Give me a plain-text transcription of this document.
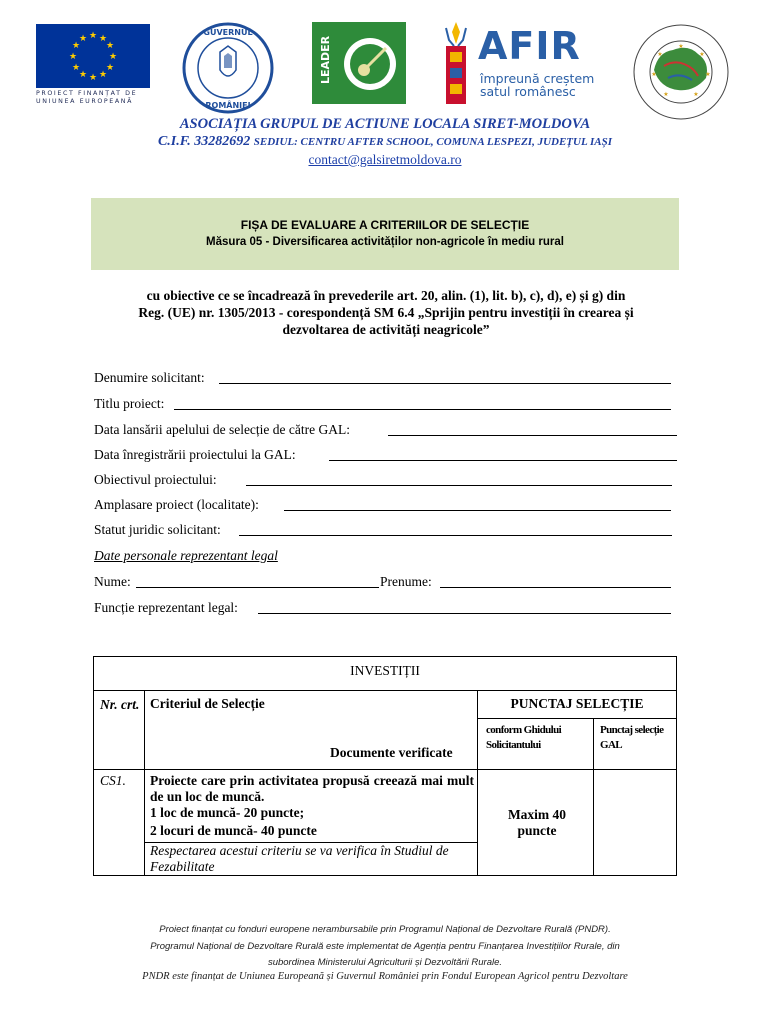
★ ★
★
★
★
★
★
★
★
★
★
★
PROIECT FINANȚAT DE
UNIUNEA EUROPEANĂ
GUVERNUL
ROMÂNIEI
LEADER	AFIR
împreună creștem
satul românesc
★
★
★
★
★
★
★
ASOCIAȚIA GRUPUL DE ACTIUNE LOCALA SIRET-MOLDOVA
C.I.F. 33282692 SEDIUL: CENTRU AFTER SCHOOL, COMUNA LESPEZI, JUDEȚUL IAȘI
contact@galsiretmoldova.ro
FIȘA DE EVALUARE A CRITERIILOR DE SELECȚIE
Măsura 05 - Diversificarea activităților non-agricole în mediu rural
cu obiective ce se încadrează în prevederile art. 20, alin. (1), lit. b), c), d), e) și g) din
Reg. (UE) nr. 1305/2013 - corespondență SM 6.4 „Sprijin pentru investiții în crearea și
dezvoltarea de activități neagricole”
Denumire solicitant:
Titlu proiect:
Data lansării apelului de selecție de către GAL:
Data înregistrării proiectului la GAL:
Obiectivul proiectului:
Amplasare proiect (localitate):
Statut juridic solicitant:
Date personale reprezentant legal
Nume:	Prenume:
Funcție reprezentant legal:
INVESTIȚII
Nr. crt. Criteriul de Selecție
Documente verificate
PUNCTAJ SELECȚIE
conform Ghidului Solicitantului
Punctaj selecție GAL
CS1. Proiecte care prin activitatea propusă creează mai mult de un loc de muncă.
1 loc de muncă- 20 puncte;
2 locuri de muncă- 40 puncte
Respectarea acestui criteriu se va verifica în Studiul de Fezabilitate
Maxim 40 puncte
Proiect finanțat cu fonduri europene nerambursabile prin Programul Național de Dezvoltare Rurală (PNDR).
Programul Național de Dezvoltare Rurală este implementat de Agenția pentru Finanțarea Investițiilor Rurale, din
subordinea Ministerului Agriculturii și Dezvoltării Rurale.
PNDR este finanțat de Uniunea Europeană și Guvernul României prin Fondul European Agricol pentru Dezvoltare
